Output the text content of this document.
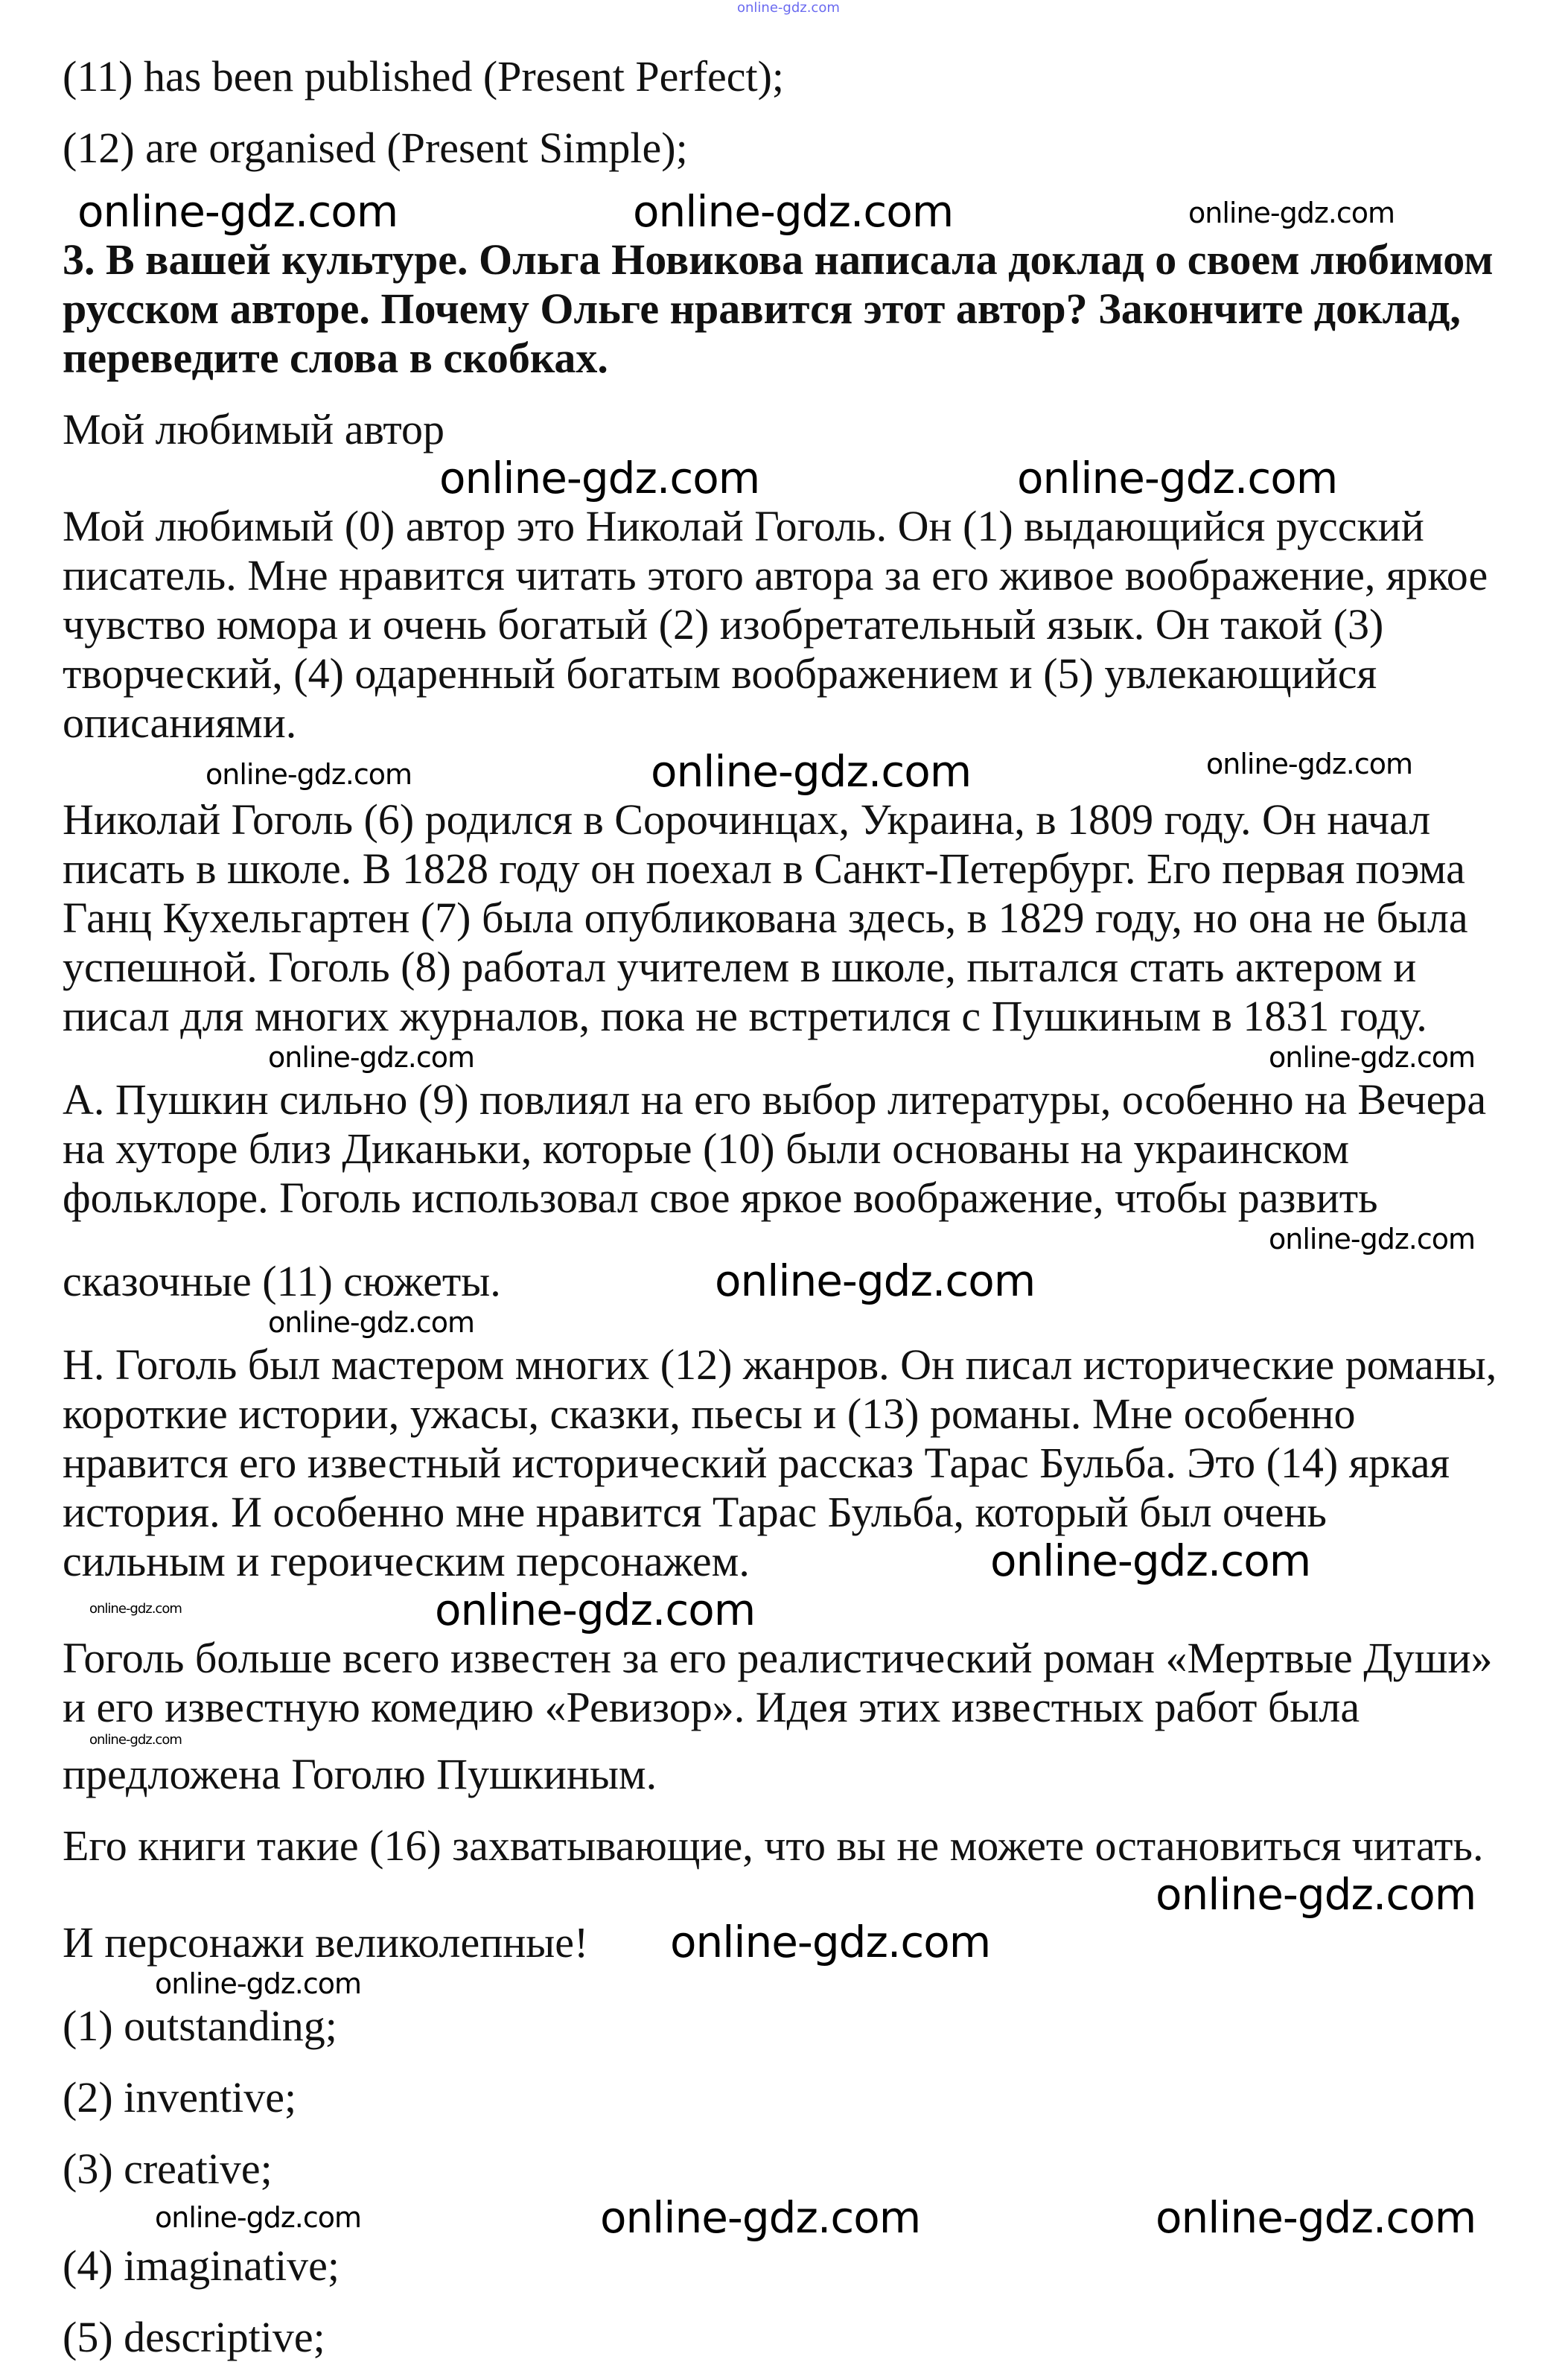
online-gdz.com
(11) has been published (Present Perfect);
(12) are organised (Present Simple);
online-gdz.com	online-gdz.com	online-gdz.com
3. В вашей культуре. Ольга Новикова написала доклад о своем любимом
русском авторе. Почему Ольге нравится этот автор? Закончите доклад,
переведите слова в скобках.
Мой любимый автор
online-gdz.com	online-gdz.com
Мой любимый (0) автор это Николай Гоголь. Он (1) выдающийся русский
писатель. Мне нравится читать этого автора за его живое воображение, яркое
чувство юмора и очень богатый (2) изобретательный язык. Он такой (3)
творческий, (4) одаренный богатым воображением и (5) увлекающийся
описаниями.
online-gdz.com	online-gdz.com	online-gdz.com
Николай Гоголь (6) родился в Сорочинцах, Украина, в 1809 году. Он начал
писать в школе. В 1828 году он поехал в Санкт-Петербург. Его первая поэма
Ганц Кухельгартен (7) была опубликована здесь, в 1829 году, но она не была
успешной. Гоголь (8) работал учителем в школе, пытался стать актером и
писал для многих журналов, пока не встретился с Пушкиным в 1831 году.
online-gdz.com	online-gdz.com
А. Пушкин сильно (9) повлиял на его выбор литературы, особенно на Вечера
на хуторе близ Диканьки, которые (10) были основаны на украинском
фольклоре. Гоголь использовал свое яркое воображение, чтобы развить
online-gdz.com
сказочные (11) сюжеты.	online-gdz.com
online-gdz.com
Н. Гоголь был мастером многих (12) жанров. Он писал исторические романы,
короткие истории, ужасы, сказки, пьесы и (13) романы. Мне особенно
нравится его известный исторический рассказ Тарас Бульба. Это (14) яркая
история. И особенно мне нравится Тарас Бульба, который был очень
сильным и героическим персонажем.	online-gdz.com
online-gdz.com	online-gdz.com
Гоголь больше всего известен за его реалистический роман «Мертвые Души»
и его известную комедию «Ревизор». Идея этих известных работ была
online-gdz.com
предложена Гоголю Пушкиным.
Его книги такие (16) захватывающие, что вы не можете остановиться читать.
online-gdz.com
И персонажи великолепные! online-gdz.com
online-gdz.com
(1) outstanding;
(2) inventive;
(3) creative;
online-gdz.com	online-gdz.com	online-gdz.com
(4) imaginative;
(5) descriptive;
